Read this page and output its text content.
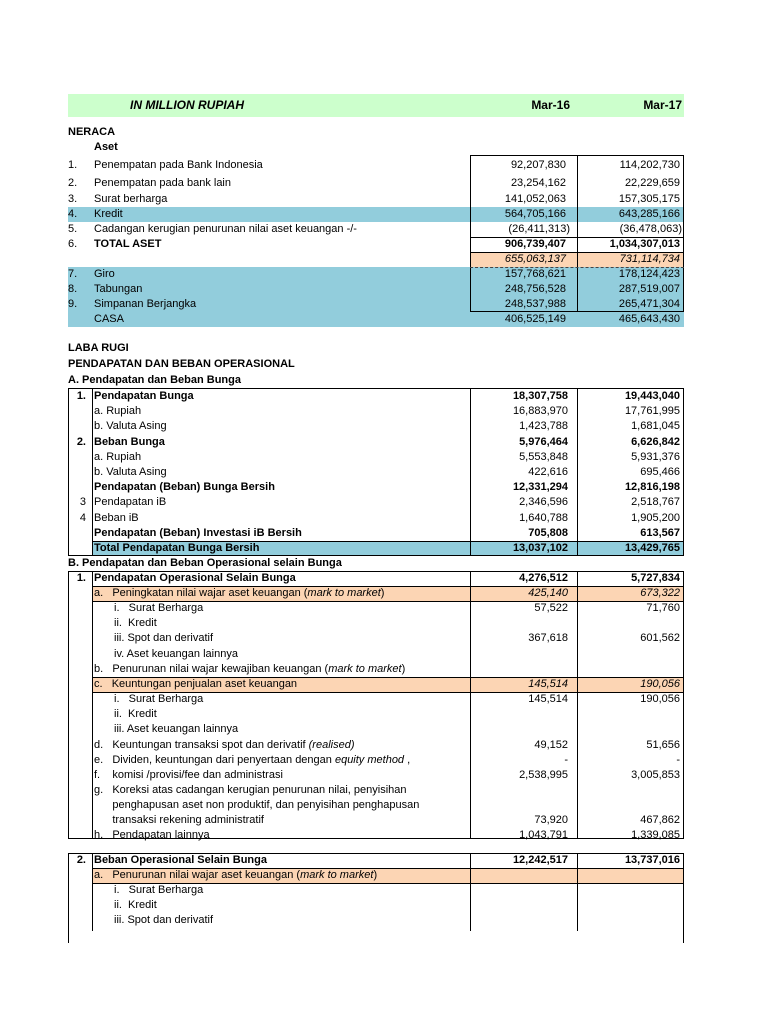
IN MILLION RUPIAH	Mar-16	Mar-17
NERACA
Aset
1. Penempatan pada Bank Indonesia	92,207,830	114,202,730
2. Penempatan pada bank lain	23,254,162	22,229,659
3. Surat berharga	141,052,063	157,305,175
4. Kredit	564,705,166	643,285,166
5. Cadangan kerugian penurunan nilai aset keuangan -/-	(26,411,313)	(36,478,063)
6. TOTAL ASET	906,739,407	1,034,307,013
655,063,137	731,114,734
7. Giro	157,768,621	178,124,423
8. Tabungan	248,756,528	287,519,007
9. Simpanan Berjangka	248,537,988	265,471,304
CASA	406,525,149	465,643,430
LABA RUGI
PENDAPATAN DAN BEBAN OPERASIONAL
A. Pendapatan dan Beban Bunga
1. Pendapatan Bunga	18,307,758	19,443,040
a. Rupiah	16,883,970	17,761,995
b. Valuta Asing	1,423,788	1,681,045
2. Beban Bunga	5,976,464	6,626,842
a. Rupiah	5,553,848	5,931,376
b. Valuta Asing	422,616	695,466
Pendapatan (Beban) Bunga Bersih	12,331,294	12,816,198
3 Pendapatan iB	2,346,596	2,518,767
4 Beban iB	1,640,788	1,905,200
Pendapatan (Beban) Investasi iB Bersih	705,808	613,567
Total Pendapatan Bunga Bersih	13,037,102	13,429,765
B. Pendapatan dan Beban Operasional selain Bunga
1. Pendapatan Operasional Selain Bunga	4,276,512	5,727,834
a.   Peningkatan nilai wajar aset keuangan (mark to market)	425,140	673,322
i.   Surat Berharga	57,522	71,760
ii.  Kredit
iii. Spot dan derivatif	367,618	601,562
iv. Aset keuangan lainnya
b.   Penurunan nilai wajar kewajiban keuangan (mark to market)
c.   Keuntungan penjualan aset keuangan	145,514	190,056
i.   Surat Berharga	145,514	190,056
ii.  Kredit
iii. Aset keuangan lainnya
d.   Keuntungan transaksi spot dan derivatif (realised)	49,152	51,656
e.   Dividen, keuntungan dari penyertaan dengan equity method ,	-	-
f.    komisi /provisi/fee dan administrasi	2,538,995	3,005,853
g.   Koreksi atas cadangan kerugian penurunan nilai, penyisihan
penghapusan aset non produktif, dan penyisihan penghapusan
transaksi rekening administratif	73,920	467,862
h.   Pendapatan lainnya	1,043,791	1,339,085
2. Beban Operasional Selain Bunga	12,242,517	13,737,016
a.   Penurunan nilai wajar aset keuangan (mark to market)
i.   Surat Berharga
ii.  Kredit
iii. Spot dan derivatif
